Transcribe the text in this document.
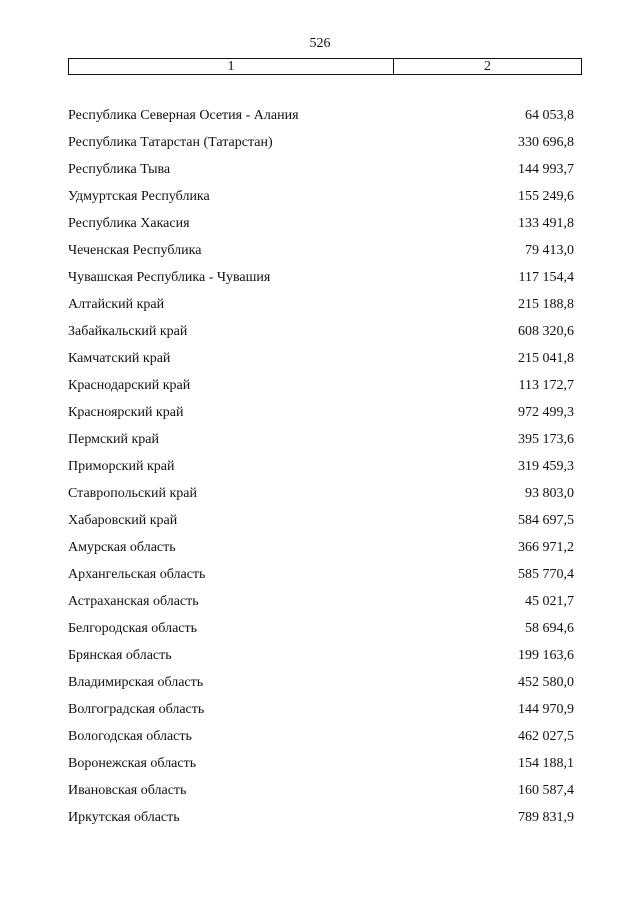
526
1	2
Республика Северная Осетия - Алания	64 053,8
Республика Татарстан (Татарстан)	330 696,8
Республика Тыва	144 993,7
Удмуртская Республика	155 249,6
Республика Хакасия	133 491,8
Чеченская Республика	79 413,0
Чувашская Республика - Чувашия	117 154,4
Алтайский край	215 188,8
Забайкальский край	608 320,6
Камчатский край	215 041,8
Краснодарский край	113 172,7
Красноярский край	972 499,3
Пермский край	395 173,6
Приморский край	319 459,3
Ставропольский край	93 803,0
Хабаровский край	584 697,5
Амурская область	366 971,2
Архангельская область	585 770,4
Астраханская область	45 021,7
Белгородская область	58 694,6
Брянская область	199 163,6
Владимирская область	452 580,0
Волгоградская область	144 970,9
Вологодская область	462 027,5
Воронежская область	154 188,1
Ивановская область	160 587,4
Иркутская область	789 831,9
